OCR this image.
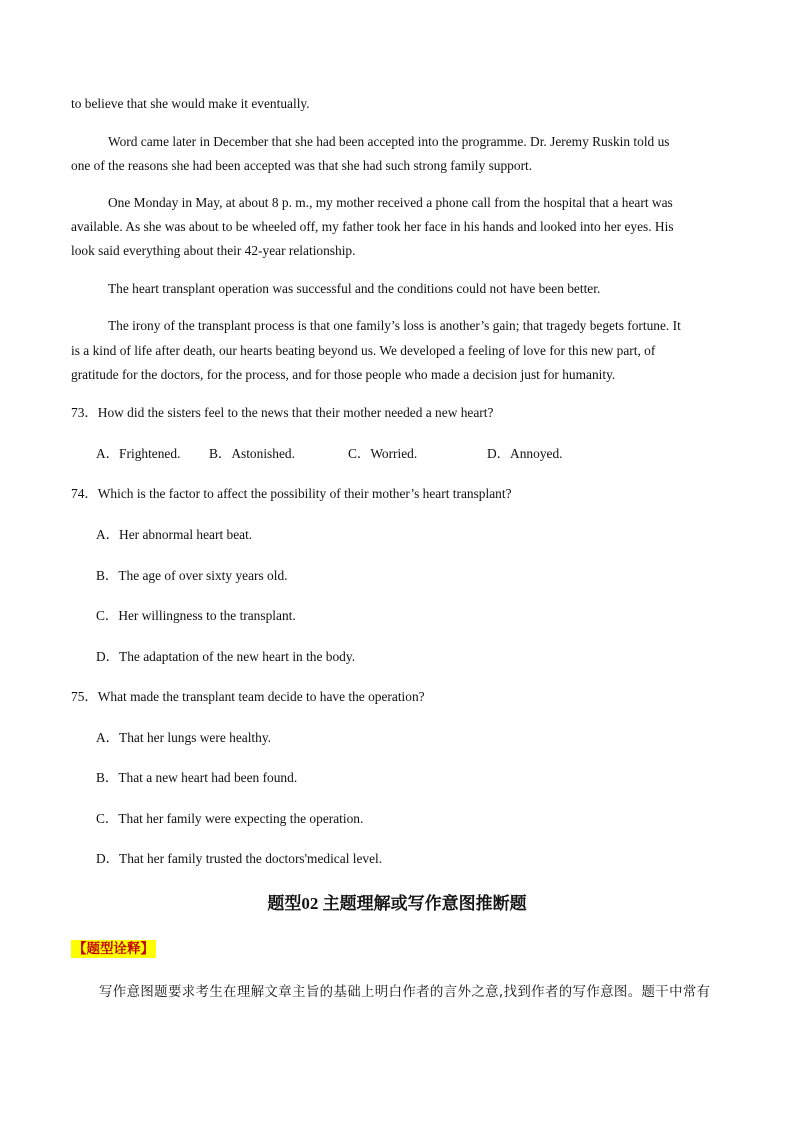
to believe that she would make it eventually.
Word came later in December that she had been accepted into the programme. Dr. Jeremy Ruskin told us
one of the reasons she had been accepted was that she had such strong family support.
One Monday in May, at about 8 p. m., my mother received a phone call from the hospital that a heart was
available. As she was about to be wheeled off, my father took her face in his hands and looked into her eyes. His
look said everything about their 42-year relationship.
The heart transplant operation was successful and the conditions could not have been better.
The irony of the transplant process is that one family’s loss is another’s gain; that tragedy begets fortune. It
is a kind of life after death, our hearts beating beyond us. We developed a feeling of love for this new part, of
gratitude for the doctors, for the process, and for those people who made a decision just for humanity.
73．How did the sisters feel to the news that their mother needed a new heart?
A．Frightened. B．Astonished.	C．Worried.	D．Annoyed.
74．Which is the factor to affect the possibility of their mother’s heart transplant?
A．Her abnormal heart beat.
B．The age of over sixty years old.
C．Her willingness to the transplant.
D．The adaptation of the new heart in the body.
75．What made the transplant team decide to have the operation?
A．That her lungs were healthy.
B．That a new heart had been found.
C．That her family were expecting the operation.
D．That her family trusted the doctors'medical level.
题型02 主题理解或写作意图推断题
【题型诠释】
写作意图题要求考生在理解文章主旨的基础上明白作者的言外之意,找到作者的写作意图。题干中常有
